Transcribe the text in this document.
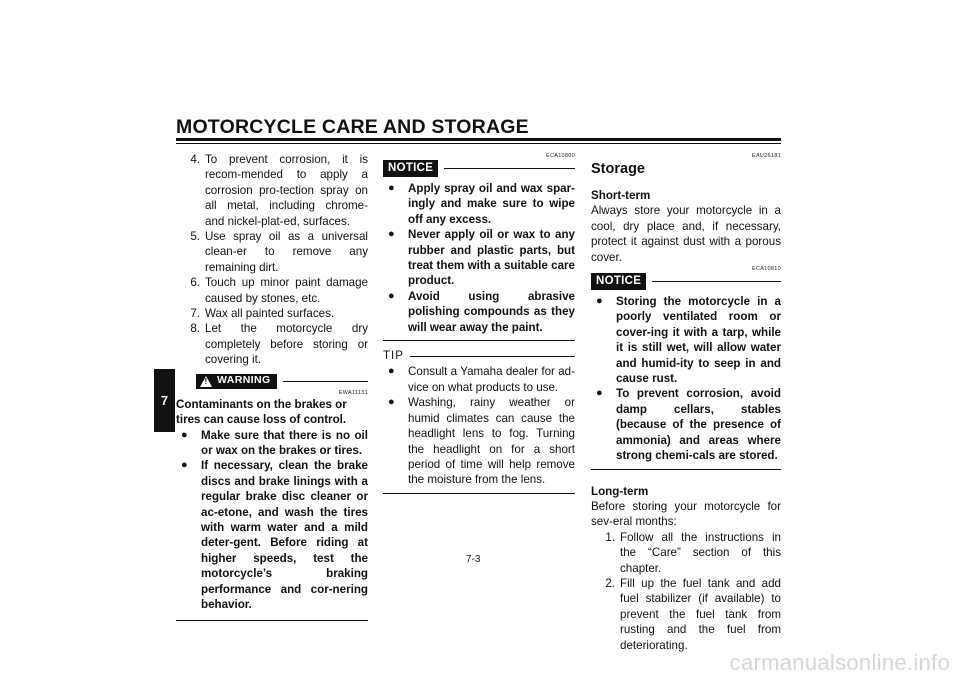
MOTORCYCLE CARE AND STORAGE
7
4. To prevent corrosion, it is recom-mended to apply a corrosion pro-tection spray on all metal, including chrome- and nickel-plat-ed, surfaces.
5. Use spray oil as a universal clean-er to remove any remaining dirt.
6. Touch up minor paint damage caused by stones, etc.
7. Wax all painted surfaces.
8. Let the motorcycle dry completely before storing or covering it.
! WARNING
EWA11131
Contaminants on the brakes or tires can cause loss of control.
●	Make sure that there is no oil or wax on the brakes or tires.
●	If necessary, clean the brake discs and brake linings with a regular brake disc cleaner or ac-etone, and wash the tires with warm water and a mild deter-gent. Before riding at higher speeds, test the motorcycle’s braking performance and cor-nering behavior.
ECA10800
NOTICE
●	Apply spray oil and wax spar-ingly and make sure to wipe off any excess.
●	Never apply oil or wax to any rubber and plastic parts, but treat them with a suitable care product.
●	Avoid using abrasive polishing compounds as they will wear away the paint.
TIP
●	Consult a Yamaha dealer for ad-vice on what products to use.
●	Washing, rainy weather or humid climates can cause the headlight lens to fog. Turning the headlight on for a short period of time will help remove the moisture from the lens.
EAU26181
Storage
Short-term
Always store your motorcycle in a cool, dry place and, if necessary, protect it against dust with a porous cover.
ECA10810
NOTICE
●	Storing the motorcycle in a poorly ventilated room or cover-ing it with a tarp, while it is still wet, will allow water and humid-ity to seep in and cause rust.
●	To prevent corrosion, avoid damp cellars, stables (because of the presence of ammonia) and areas where strong chemi-cals are stored.
Long-term
Before storing your motorcycle for sev-eral months:
1. Follow all the instructions in the “Care” section of this chapter.
2. Fill up the fuel tank and add fuel stabilizer (if available) to prevent the fuel tank from rusting and the fuel from deteriorating.
7-3
carmanualsonline.info
